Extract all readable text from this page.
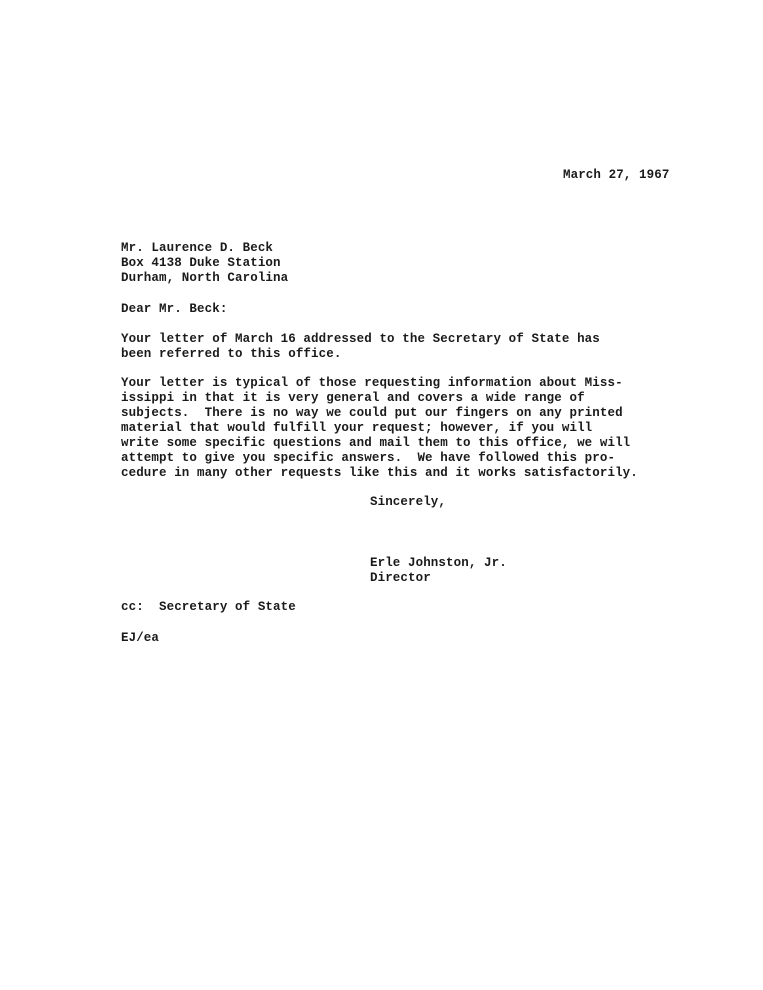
March 27, 1967
Mr. Laurence D. Beck
Box 4138 Duke Station
Durham, North Carolina
Dear Mr. Beck:
Your letter of March 16 addressed to the Secretary of State has
been referred to this office.
Your letter is typical of those requesting information about Miss-
issippi in that it is very general and covers a wide range of
subjects.  There is no way we could put our fingers on any printed
material that would fulfill your request; however, if you will
write some specific questions and mail them to this office, we will
attempt to give you specific answers.  We have followed this pro-
cedure in many other requests like this and it works satisfactorily.
Sincerely,
Erle Johnston, Jr.
Director
cc:  Secretary of State
EJ/ea
